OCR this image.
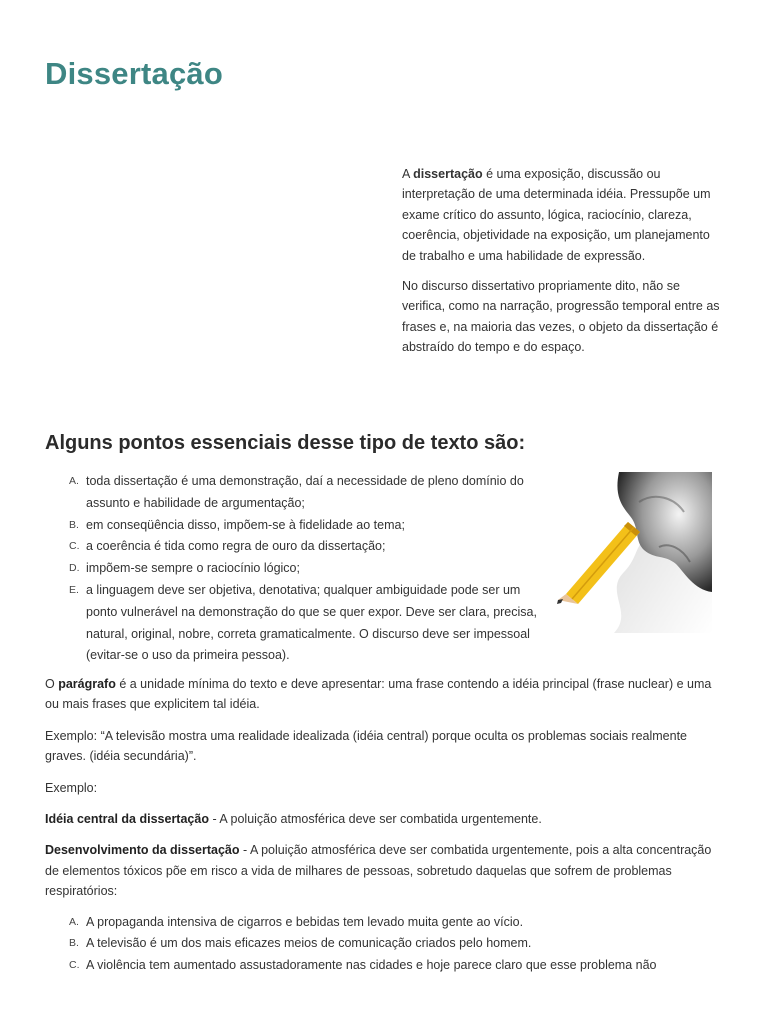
Dissertação

A dissertação é uma exposição, discussão ou interpretação de uma determinada idéia. Pressupõe um exame crítico do assunto, lógica, raciocínio, clareza, coerência, objetividade na exposição, um planejamento de trabalho e uma habilidade de expressão.

No discurso dissertativo propriamente dito, não se verifica, como na narração, progressão temporal entre as frases e, na maioria das vezes, o objeto da dissertação é abstraído do tempo e do espaço.

Alguns pontos essenciais desse tipo de texto são:
A. toda dissertação é uma demonstração, daí a necessidade de pleno domínio do assunto e habilidade de argumentação;
B. em conseqüência disso, impõem-se à fidelidade ao tema;
C. a coerência é tida como regra de ouro da dissertação;
D. impõem-se sempre o raciocínio lógico;
E. a linguagem deve ser objetiva, denotativa; qualquer ambiguidade pode ser um ponto vulnerável na demonstração do que se quer expor. Deve ser clara, precisa, natural, original, nobre, correta gramaticalmente. O discurso deve ser impessoal (evitar-se o uso da primeira pessoa).

O parágrafo é a unidade mínima do texto e deve apresentar: uma frase contendo a idéia principal (frase nuclear) e uma ou mais frases que explicitem tal idéia.

Exemplo: “A televisão mostra uma realidade idealizada (idéia central) porque oculta os problemas sociais realmente graves. (idéia secundária)”.

Exemplo:

Idéia central da dissertação - A poluição atmosférica deve ser combatida urgentemente.

Desenvolvimento da dissertação - A poluição atmosférica deve ser combatida urgentemente, pois a alta concentração de elementos tóxicos põe em risco a vida de milhares de pessoas, sobretudo daquelas que sofrem de problemas respiratórios:

A. A propaganda intensiva de cigarros e bebidas tem levado muita gente ao vício.
B. A televisão é um dos mais eficazes meios de comunicação criados pelo homem.
C. A violência tem aumentado assustadoramente nas cidades e hoje parece claro que esse problema não
